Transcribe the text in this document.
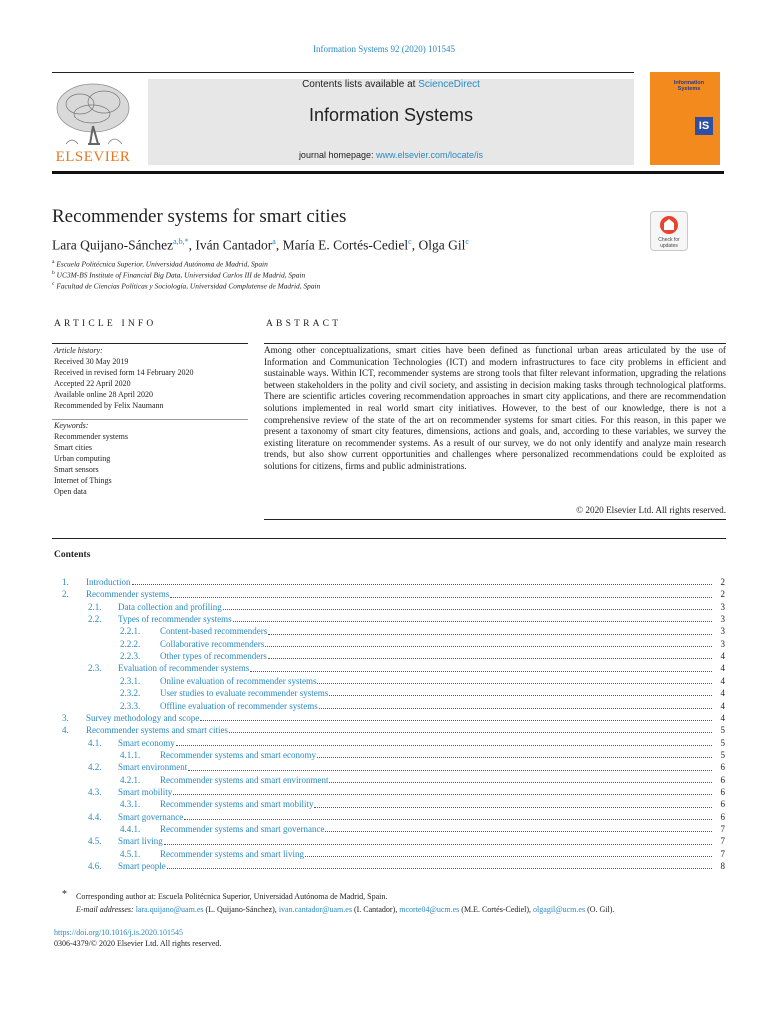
Information Systems 92 (2020) 101545
ELSEVIER
Contents lists available at ScienceDirect
Information Systems
journal homepage: www.elsevier.com/locate/is
Information Systems
IS
Recommender systems for smart cities
Check for
updates
Lara Quijano-Sánchez$^{a,b,*}$, Iván Cantador$^a$, María E. Cortés-Cediel$^c$, Olga Gil$^c$
$^a$ Escuela Politécnica Superior, Universidad Autónoma de Madrid, Spain
$^b$ UC3M-BS Institute of Financial Big Data, Universidad Carlos III de Madrid, Spain
$^c$ Facultad de Ciencias Políticas y Sociología, Universidad Complutense de Madrid, Spain
ARTICLE INFO
Article history:
Received 30 May 2019
Received in revised form 14 February 2020
Accepted 22 April 2020
Available online 28 April 2020
Recommended by Felix Naumann
Keywords:
Recommender systems
Smart cities
Urban computing
Smart sensors
Internet of Things
Open data
ABSTRACT
Among other conceptualizations, smart cities have been defined as functional urban areas articulated by the use of Information and Communication Technologies (ICT) and modern infrastructures to face city problems in efficient and sustainable ways. Within ICT, recommender systems are strong tools that filter relevant information, upgrading the relations between stakeholders in the polity and civil society, and assisting in decision making tasks through technological platforms. There are scientific articles covering recommendation approaches in smart city applications, and there are recommendation solutions implemented in real world smart city initiatives. However, to the best of our knowledge, there is not a comprehensive review of the state of the art on recommender systems for smart cities. For this reason, in this paper we present a taxonomy of smart city features, dimensions, actions and goals, and, according to these variables, we survey the existing literature on recommender systems. As a result of our survey, we do not only identify and analyze main research trends, but also show current opportunities and challenges where personalized recommendations could be exploited as solutions for citizens, firms and public administrations.
© 2020 Elsevier Ltd. All rights reserved.
Contents
1. Introduction	2
2. Recommender systems	2
2.1. Data collection and profiling	3
2.2. Types of recommender systems	3
2.2.1. Content-based recommenders	3
2.2.2. Collaborative recommenders	3
2.2.3. Other types of recommenders	4
2.3. Evaluation of recommender systems	4
2.3.1. Online evaluation of recommender systems	4
2.3.2. User studies to evaluate recommender systems	4
2.3.3. Offline evaluation of recommender systems	4
3. Survey methodology and scope	4
4. Recommender systems and smart cities	5
4.1. Smart economy	5
4.1.1. Recommender systems and smart economy	5
4.2. Smart environment	6
4.2.1. Recommender systems and smart environment	6
4.3. Smart mobility	6
4.3.1. Recommender systems and smart mobility	6
4.4. Smart governance	6
4.4.1. Recommender systems and smart governance	7
4.5. Smart living	7
4.5.1. Recommender systems and smart living	7
4.6. Smart people	8
* Corresponding author at: Escuela Politécnica Superior, Universidad Autónoma de Madrid, Spain.
E-mail addresses: lara.quijano@uam.es (L. Quijano-Sánchez), ivan.cantador@uam.es (I. Cantador), mcorte04@ucm.es (M.E. Cortés-Cediel), olgagil@ucm.es (O. Gil).
https://doi.org/10.1016/j.is.2020.101545
0306-4379/© 2020 Elsevier Ltd. All rights reserved.
